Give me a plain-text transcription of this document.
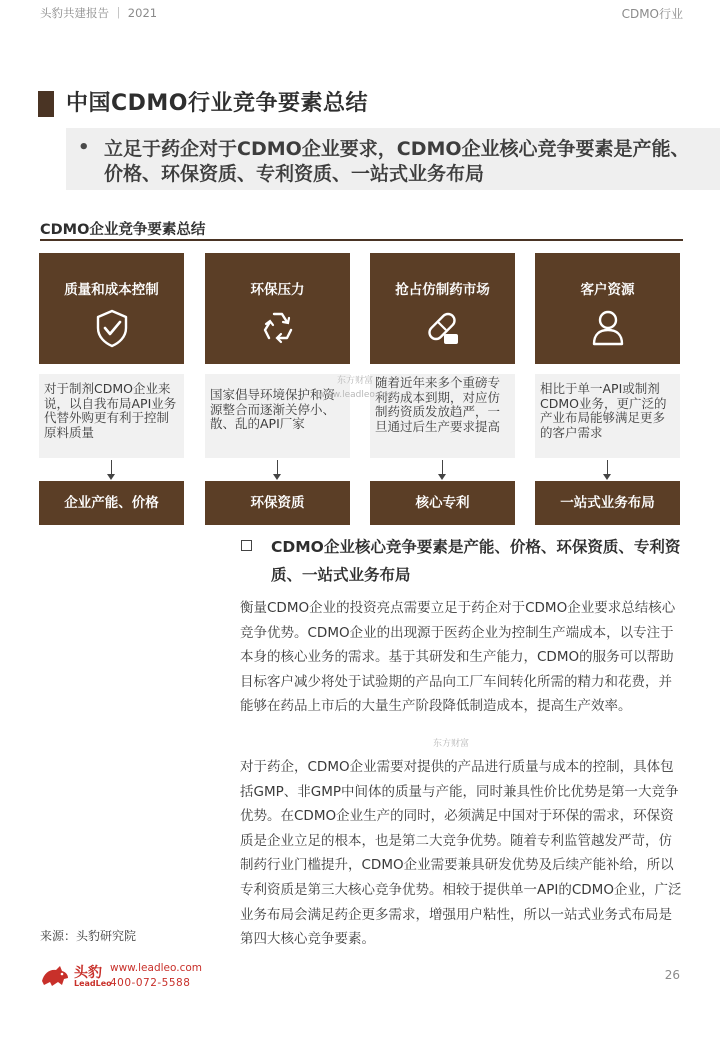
头豹共建报告 ｜ 2021	CDMO行业
中国CDMO行业竞争要素总结
• 立足于药企对于CDMO企业要求，CDMO企业核心竞争要素是产能、价格、环保资质、专利资质、一站式业务布局
CDMO企业竞争要素总结
质量和成本控制
对于制剂CDMO企业来说，以自我布局API业务代替外购更有利于控制原料质量
企业产能、价格
环保压力
国家倡导环境保护和资源整合而逐渐关停小、散、乱的API厂家
环保资质
抢占仿制药市场
随着近年来多个重磅专利药成本到期，对应仿制药资质发放趋严，一旦通过后生产要求提高
核心专利
客户资源
相比于单一API或制剂CDMO业务，更广泛的产业布局能够满足更多的客户需求
一站式业务布局
东方财富
www.leadleo.com
东方财富
CDMO企业核心竞争要素是产能、价格、环保资质、专利资质、一站式业务布局
衡量CDMO企业的投资亮点需要立足于药企对于CDMO企业要求总结核心竞争优势。CDMO企业的出现源于医药企业为控制生产端成本，以专注于本身的核心业务的需求。基于其研发和生产能力，CDMO的服务可以帮助目标客户减少将处于试验期的产品向工厂车间转化所需的精力和花费，并能够在药品上市后的大量生产阶段降低制造成本，提高生产效率。
对于药企，CDMO企业需要对提供的产品进行质量与成本的控制，具体包括GMP、非GMP中间体的质量与产能，同时兼具性价比优势是第一大竞争优势。在CDMO企业生产的同时，必须满足中国对于环保的需求，环保资质是企业立足的根本，也是第二大竞争优势。随着专利监管越发严苛，仿制药行业门槛提升，CDMO企业需要兼具研发优势及后续产能补给，所以专利资质是第三大核心竞争优势。相较于提供单一API的CDMO企业，广泛业务布局会满足药企更多需求，增强用户粘性，所以一站式业务式布局是第四大核心竞争要素。
来源：头豹研究院
头豹
LeadLeo
www.leadleo.com
400-072-5588
26
